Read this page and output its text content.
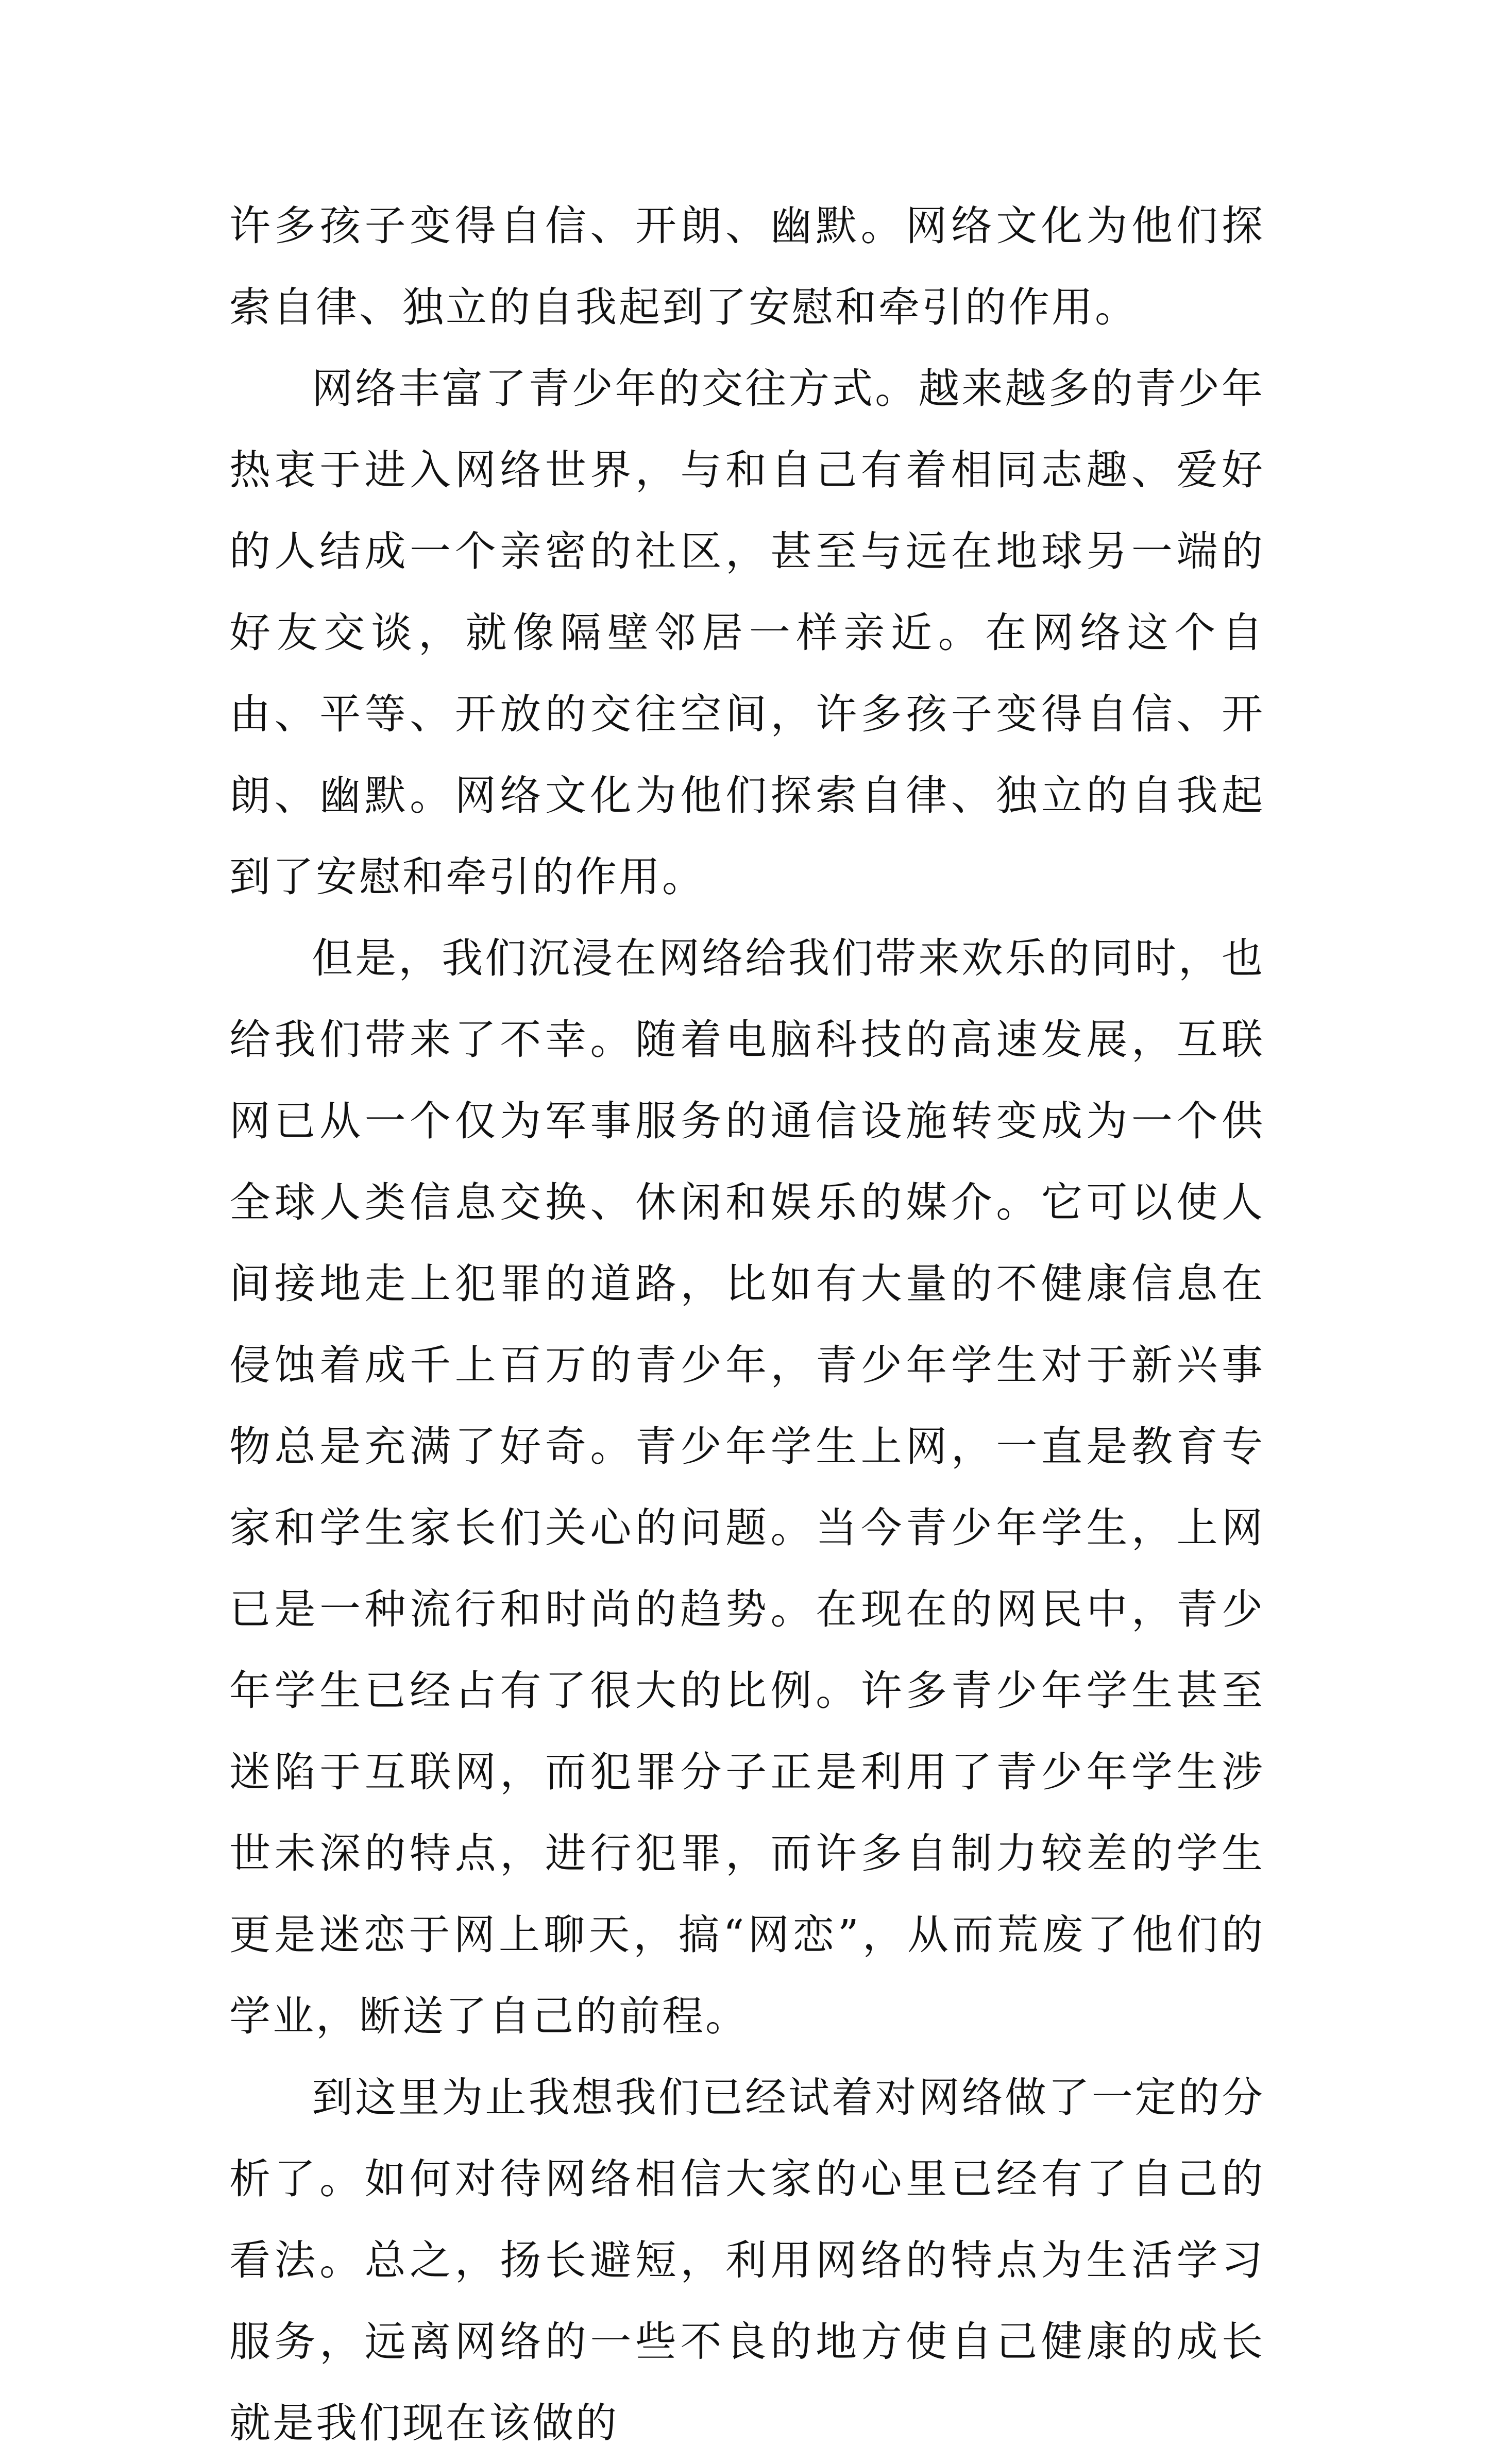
许多孩子变得自信、开朗、幽默。网络文化为他们探索自律、独立的自我起到了安慰和牵引的作用。

网络丰富了青少年的交往方式。越来越多的青少年热衷于进入网络世界，与和自己有着相同志趣、爱好的人结成一个亲密的社区，甚至与远在地球另一端的好友交谈，就像隔壁邻居一样亲近。在网络这个自由、平等、开放的交往空间，许多孩子变得自信、开朗、幽默。网络文化为他们探索自律、独立的自我起到了安慰和牵引的作用。

但是，我们沉浸在网络给我们带来欢乐的同时，也给我们带来了不幸。随着电脑科技的高速发展，互联网已从一个仅为军事服务的通信设施转变成为一个供全球人类信息交换、休闲和娱乐的媒介。它可以使人间接地走上犯罪的道路，比如有大量的不健康信息在侵蚀着成千上百万的青少年，青少年学生对于新兴事物总是充满了好奇。青少年学生上网，一直是教育专家和学生家长们关心的问题。当今青少年学生，上网已是一种流行和时尚的趋势。在现在的网民中，青少年学生已经占有了很大的比例。许多青少年学生甚至迷陷于互联网，而犯罪分子正是利用了青少年学生涉世未深的特点，进行犯罪，而许多自制力较差的学生更是迷恋于网上聊天，搞“网恋”，从而荒废了他们的学业，断送了自己的前程。

到这里为止我想我们已经试着对网络做了一定的分析了。如何对待网络相信大家的心里已经有了自己的看法。总之，扬长避短，利用网络的特点为生活学习服务，远离网络的一些不良的地方使自己健康的成长就是我们现在该做的
